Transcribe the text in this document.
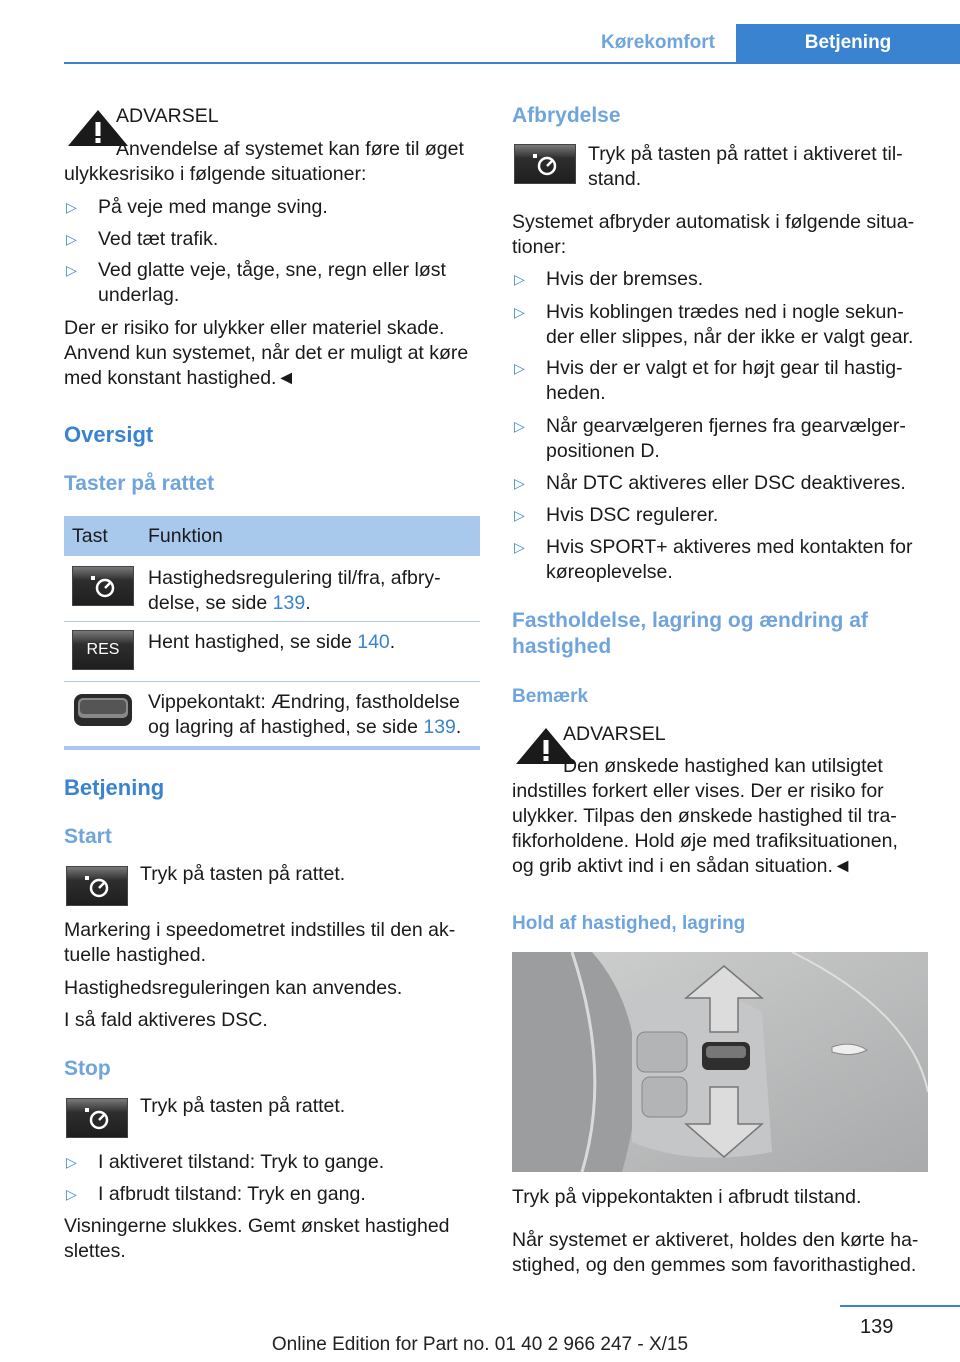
Kørekomfort	Betjening
ADVARSEL
Anvendelse af systemet kan føre til øget
ulykkesrisiko i følgende situationer:
▷ På veje med mange sving.
▷ Ved tæt trafik.
▷ Ved glatte veje, tåge, sne, regn eller løst
underlag.
Der er risiko for ulykker eller materiel skade.
Anvend kun systemet, når det er muligt at køre
med konstant hastighed.◄
Oversigt
Taster på rattet
Tast Funktion
Hastighedsregulering til/fra, afbry-
delse, se side 139.
RES Hent hastighed, se side 140.
Vippekontakt: Ændring, fastholdelse
og lagring af hastighed, se side 139.
Betjening
Start
Tryk på tasten på rattet.
Markering i speedometret indstilles til den ak-
tuelle hastighed.
Hastighedsreguleringen kan anvendes.
I så fald aktiveres DSC.
Stop
Tryk på tasten på rattet.
▷ I aktiveret tilstand: Tryk to gange.
▷ I afbrudt tilstand: Tryk en gang.
Visningerne slukkes. Gemt ønsket hastighed
slettes.
Afbrydelse
Tryk på tasten på rattet i aktiveret til-
stand.
Systemet afbryder automatisk i følgende situa-
tioner:
▷ Hvis der bremses.
▷ Hvis koblingen trædes ned i nogle sekun-
der eller slippes, når der ikke er valgt gear.
▷ Hvis der er valgt et for højt gear til hastig-
heden.
▷ Når gearvælgeren fjernes fra gearvælger-
positionen D.
▷ Når DTC aktiveres eller DSC deaktiveres.
▷ Hvis DSC regulerer.
▷ Hvis SPORT+ aktiveres med kontakten for
køreoplevelse.
Fastholdelse, lagring og ændring af
hastighed
Bemærk
ADVARSEL
Den ønskede hastighed kan utilsigtet
indstilles forkert eller vises. Der er risiko for
ulykker. Tilpas den ønskede hastighed til tra-
fikforholdene. Hold øje med trafiksituationen,
og grib aktivt ind i en sådan situation.◄
Hold af hastighed, lagring
Tryk på vippekontakten i afbrudt tilstand.
Når systemet er aktiveret, holdes den kørte ha-
stighed, og den gemmes som favorithastighed.
139
Online Edition for Part no. 01 40 2 966 247 - X/15
